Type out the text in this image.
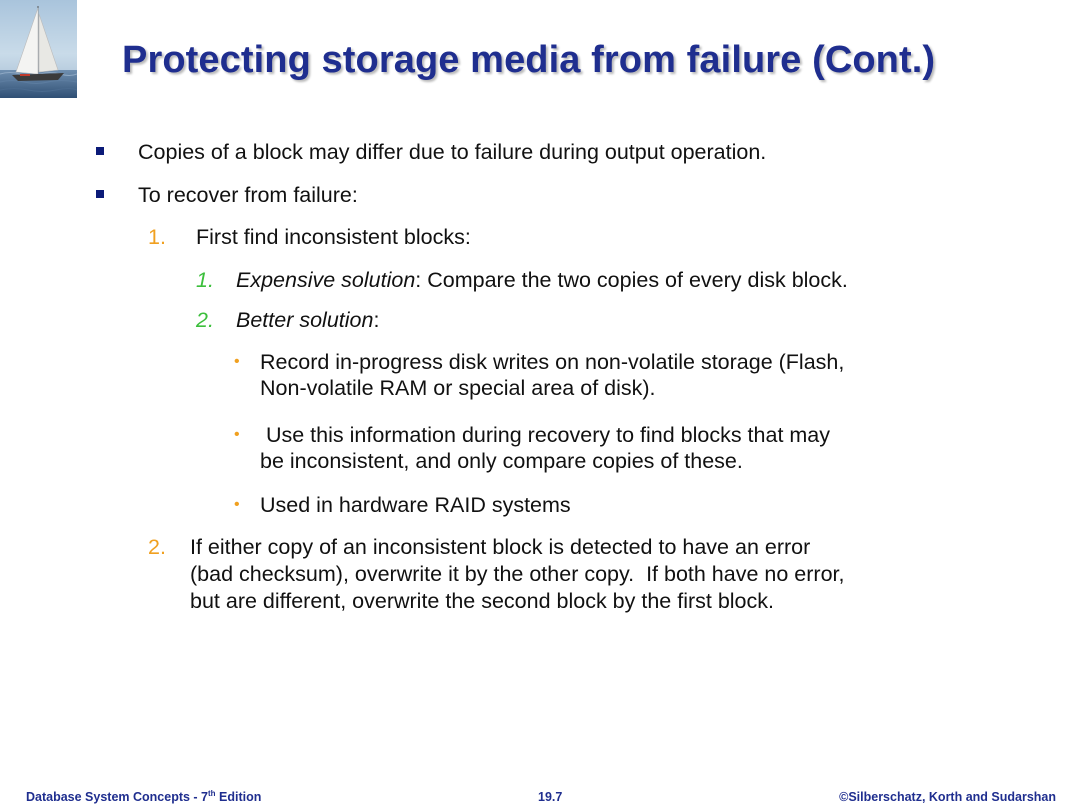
Protecting storage media from failure (Cont.)
Copies of a block may differ due to failure during output operation.
To recover from failure:
1. First find inconsistent blocks:
1. Expensive solution: Compare the two copies of every disk block.
2. Better solution:
• Record in-progress disk writes on non-volatile storage (Flash,
Non-volatile RAM or special area of disk).
• Use this information during recovery to find blocks that may
be inconsistent, and only compare copies of these.
• Used in hardware RAID systems
2. If either copy of an inconsistent block is detected to have an error
(bad checksum), overwrite it by the other copy.  If both have no error,
but are different, overwrite the second block by the first block.
Database System Concepts - 7th Edition	19.7	©Silberschatz, Korth and Sudarshan
